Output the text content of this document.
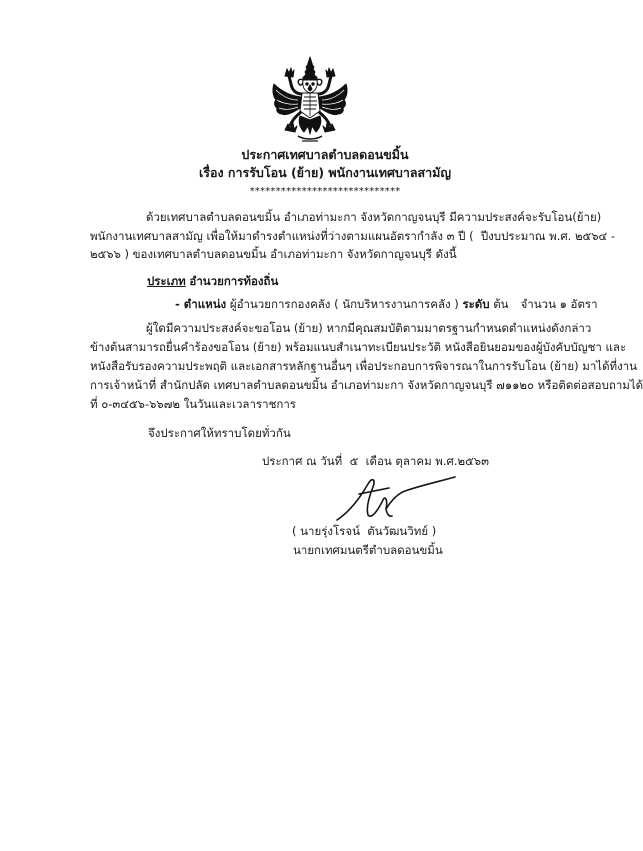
ประกาศเทศบาลตำบลดอนขมิ้น
เรื่อง การรับโอน (ย้าย) พนักงานเทศบาลสามัญ
*****************************
ด้วยเทศบาลตำบลดอนขมิ้น อำเภอท่ามะกา จังหวัดกาญจนบุรี มีความประสงค์จะรับโอน(ย้าย)
พนักงานเทศบาลสามัญ เพื่อให้มาดำรงตำแหน่งที่ว่างตามแผนอัตรากำลัง ๓ ปี (  ปีงบประมาณ พ.ศ. ๒๕๖๔ -
๒๕๖๖ ) ของเทศบาลตำบลดอนขมิ้น อำเภอท่ามะกา จังหวัดกาญจนบุรี ดังนี้
ประเภท อำนวยการท้องถิ่น
- ตำแหน่ง ผู้อำนวยการกองคลัง ( นักบริหารงานการคลัง ) ระดับ ต้น จำนวน ๑ อัตรา
ผู้ใดมีความประสงค์จะขอโอน (ย้าย) หากมีคุณสมบัติตามมาตรฐานกำหนดตำแหน่งดังกล่าว
ข้างต้นสามารถยื่นคำร้องขอโอน (ย้าย) พร้อมแนบสำเนาทะเบียนประวัติ หนังสือยินยอมของผู้บังคับบัญชา และ
หนังสือรับรองความประพฤติ และเอกสารหลักฐานอื่นๆ เพื่อประกอบการพิจารณาในการรับโอน (ย้าย) มาได้ที่งาน
การเจ้าหน้าที่ สำนักปลัด เทศบาลตำบลดอนขมิ้น อำเภอท่ามะกา จังหวัดกาญจนบุรี ๗๑๑๒๐ หรือติดต่อสอบถามได้
ที่ ๐-๓๔๕๖-๖๖๗๒ ในวันและเวลาราชการ
จึงประกาศให้ทราบโดยทั่วกัน
ประกาศ ณ วันที่  ๕  เดือน ตุลาคม พ.ศ.๒๕๖๓
( นายรุ่งโรจน์  ตันวัฒนวิทย์ )
นายกเทศมนตรีตำบลดอนขมิ้น
